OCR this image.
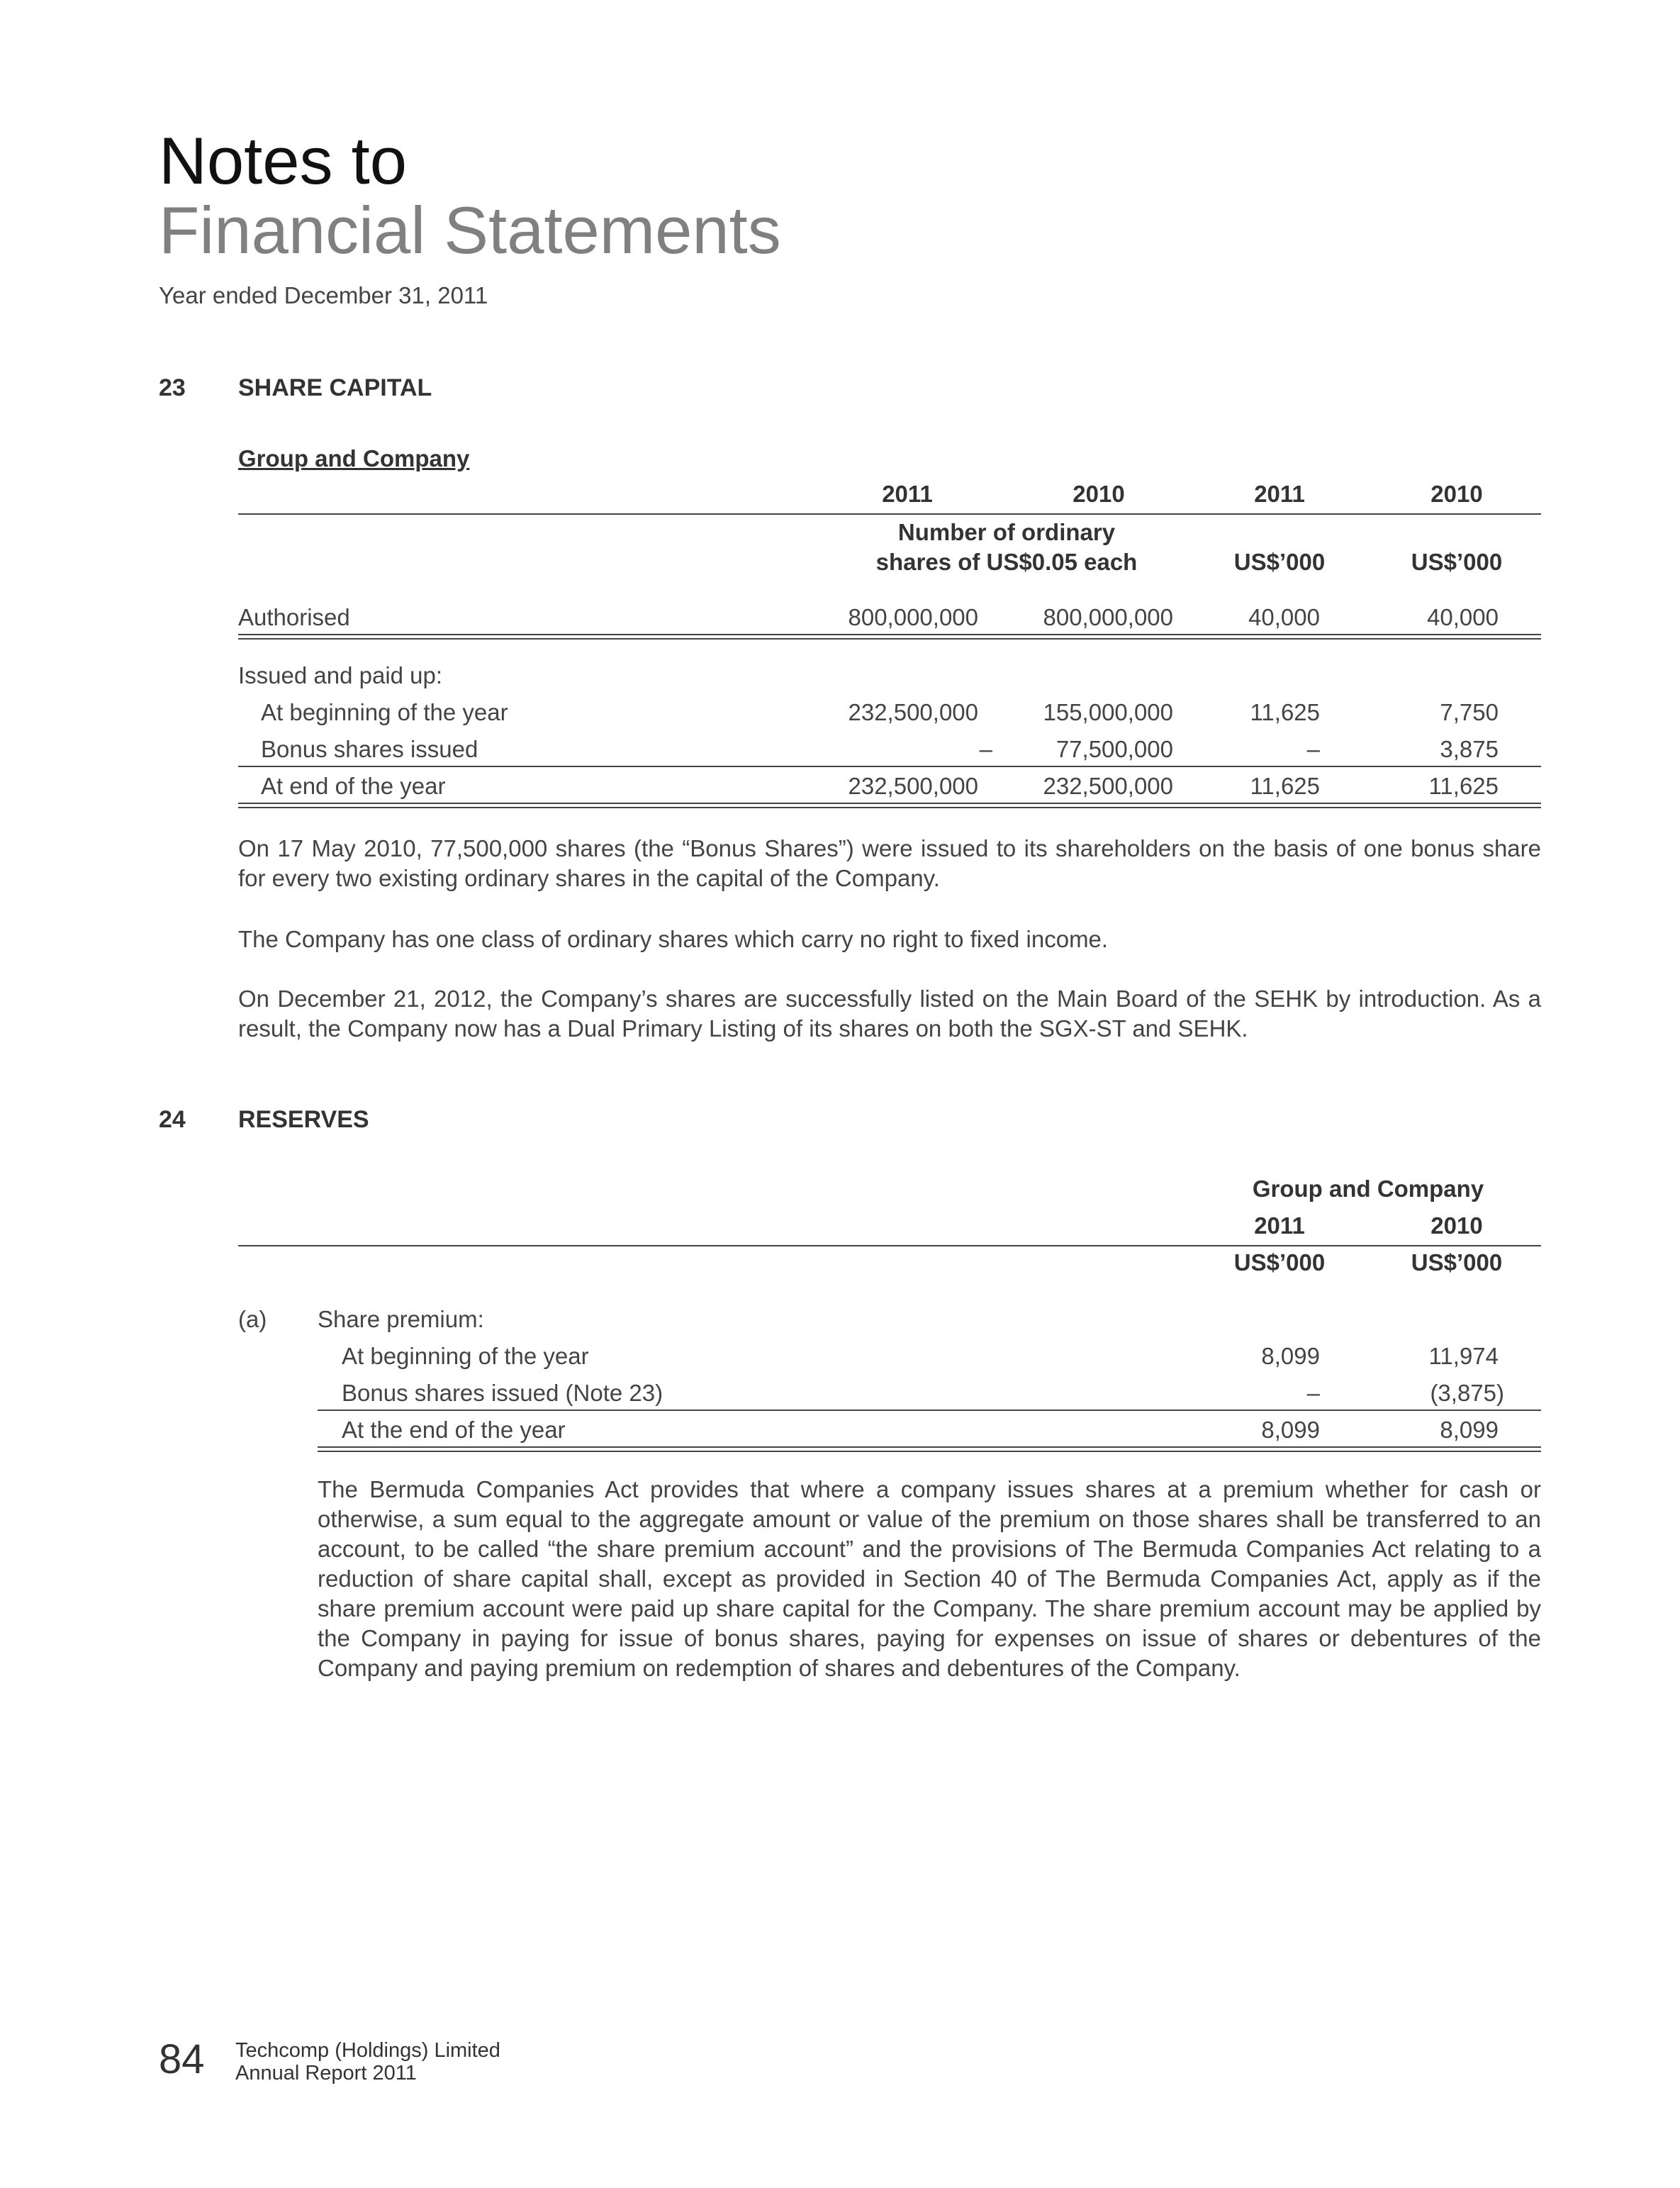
Notes to
Financial Statements
Year ended December 31, 2011
23 SHARE CAPITAL
Group and Company
2011	2010	2011	2010
Number of ordinary
shares of US$0.05 each	US$’000	US$’000
Authorised	800,000,000	800,000,000	40,000	40,000
Issued and paid up:
At beginning of the year	232,500,000	155,000,000	11,625	7,750
Bonus shares issued	–	77,500,000	–	3,875
At end of the year	232,500,000	232,500,000	11,625	11,625
On 17 May 2010, 77,500,000 shares (the “Bonus Shares”) were issued to its shareholders on the basis of one bonus share for every two existing ordinary shares in the capital of the Company.
The Company has one class of ordinary shares which carry no right to fixed income.
On December 21, 2012, the Company’s shares are successfully listed on the Main Board of the SEHK by introduction. As a result, the Company now has a Dual Primary Listing of its shares on both the SGX-ST and SEHK.
24 RESERVES
Group and Company
2011	2010
US$’000	US$’000
(a) Share premium:
At beginning of the year	8,099	11,974
Bonus shares issued (Note 23)	–	(3,875)
At the end of the year	8,099	8,099
The Bermuda Companies Act provides that where a company issues shares at a premium whether for cash or otherwise, a sum equal to the aggregate amount or value of the premium on those shares shall be transferred to an account, to be called “the share premium account” and the provisions of The Bermuda Companies Act relating to a reduction of share capital shall, except as provided in Section 40 of The Bermuda Companies Act, apply as if the share premium account were paid up share capital for the Company. The share premium account may be applied by the Company in paying for issue of bonus shares, paying for expenses on issue of shares or debentures of the Company and paying premium on redemption of shares and debentures of the Company.
84 Techcomp (Holdings) Limited
Annual Report 2011
